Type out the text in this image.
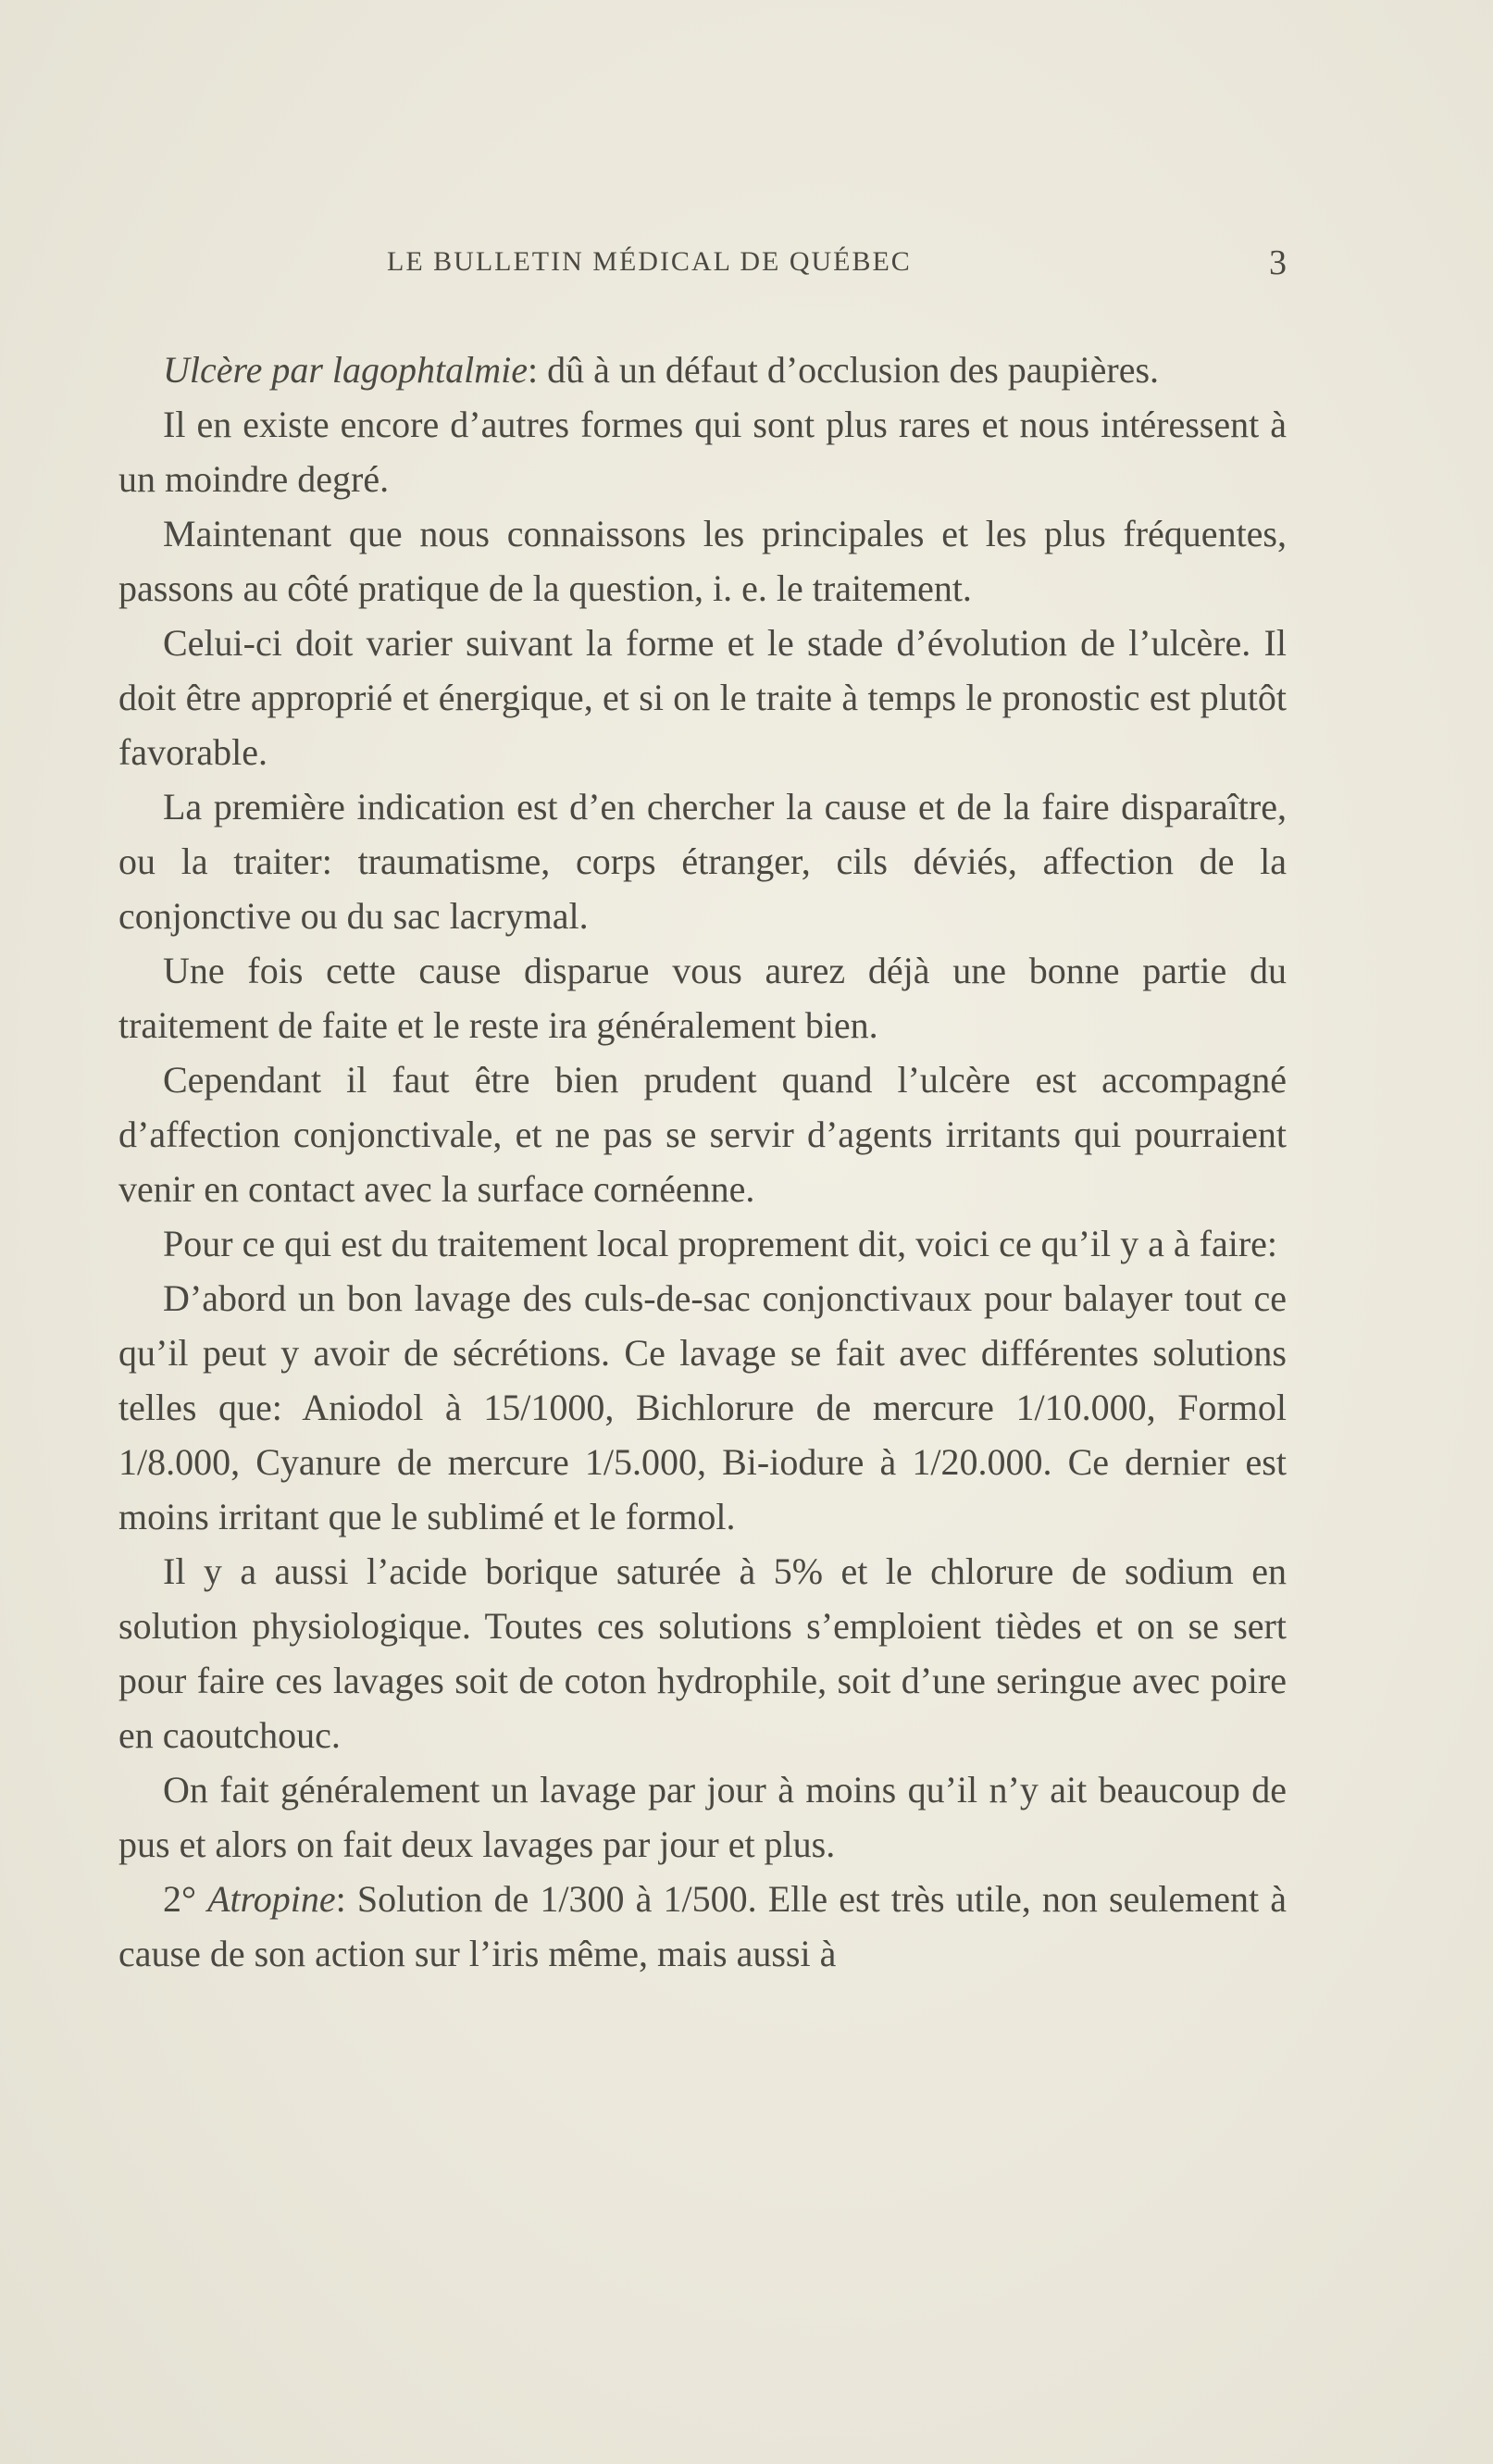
LE BULLETIN MÉDICAL DE QUÉBEC	3

Ulcère par lagophtalmie: dû à un défaut d’occlusion des paupières.

Il en existe encore d’autres formes qui sont plus rares et nous intéressent à un moindre degré.

Maintenant que nous connaissons les principales et les plus fréquentes, passons au côté pratique de la question, i. e. le traitement.

Celui-ci doit varier suivant la forme et le stade d’évolution de l’ulcère. Il doit être approprié et énergique, et si on le traite à temps le pronostic est plutôt favorable.

La première indication est d’en chercher la cause et de la faire disparaître, ou la traiter: traumatisme, corps étranger, cils déviés, affection de la conjonctive ou du sac lacrymal.

Une fois cette cause disparue vous aurez déjà une bonne partie du traitement de faite et le reste ira généralement bien.

Cependant il faut être bien prudent quand l’ulcère est accompagné d’affection conjonctivale, et ne pas se servir d’agents irritants qui pourraient venir en contact avec la surface cornéenne.

Pour ce qui est du traitement local proprement dit, voici ce qu’il y a à faire:

D’abord un bon lavage des culs-de-sac conjonctivaux pour balayer tout ce qu’il peut y avoir de sécrétions. Ce lavage se fait avec différentes solutions telles que: Aniodol à 15/1000, Bichlorure de mercure 1/10.000, Formol 1/8.000, Cyanure de mercure 1/5.000, Bi-iodure à 1/20.000. Ce dernier est moins irritant que le sublimé et le formol.

Il y a aussi l’acide borique saturée à 5% et le chlorure de sodium en solution physiologique. Toutes ces solutions s’emploient tièdes et on se sert pour faire ces lavages soit de coton hydrophile, soit d’une seringue avec poire en caoutchouc.

On fait généralement un lavage par jour à moins qu’il n’y ait beaucoup de pus et alors on fait deux lavages par jour et plus.

2° Atropine: Solution de 1/300 à 1/500. Elle est très utile, non seulement à cause de son action sur l’iris même, mais aussi à
